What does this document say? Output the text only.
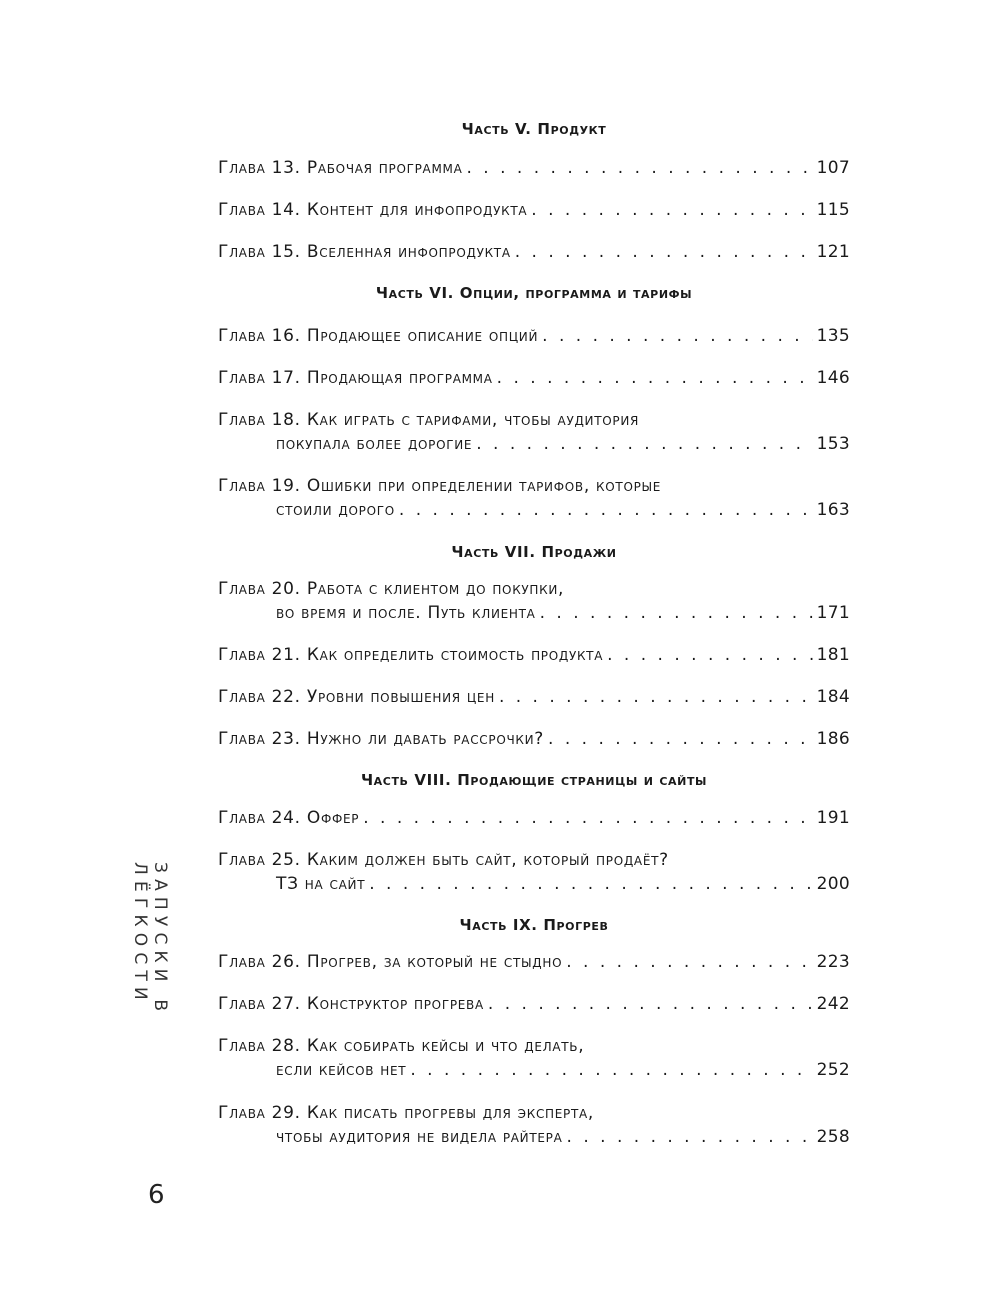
Часть V. Продукт
Глава 13. Рабочая программа . . .	107
Глава 14. Контент для инфопродукта . . .	115
Глава 15. Вселенная инфопродукта . . .	121
Часть VI. Опции, программа и тарифы
Глава 16. Продающее описание опций . . .	135
Глава 17. Продающая программа . . .	146
Глава 18. Как играть с тарифами, чтобы аудитория
покупала более дорогие . . .	153
Глава 19. Ошибки при определении тарифов, которые
стоили дорого . . .	163
Часть VII. Продажи
Глава 20. Работа с клиентом до покупки,
во время и после. Путь клиента . . .	171
Глава 21. Как определить стоимость продукта . . .	181
Глава 22. Уровни повышения цен . . .	184
Глава 23. Нужно ли давать рассрочки? . . .	186
Часть VIII. Продающие страницы и сайты
Глава 24. Оффер . . .	191
Глава 25. Каким должен быть сайт, который продаёт?
ТЗ на сайт . . .	200
Часть IX. Прогрев
Глава 26. Прогрев, за который не стыдно . . .	223
Глава 27. Конструктор прогрева . . .	242
Глава 28. Как собирать кейсы и что делать,
если кейсов нет . . .	252
Глава 29. Как писать прогревы для эксперта,
чтобы аудитория не видела райтера . . .	258
ЗАПУСКИ В ЛЁГКОСТИ
6
